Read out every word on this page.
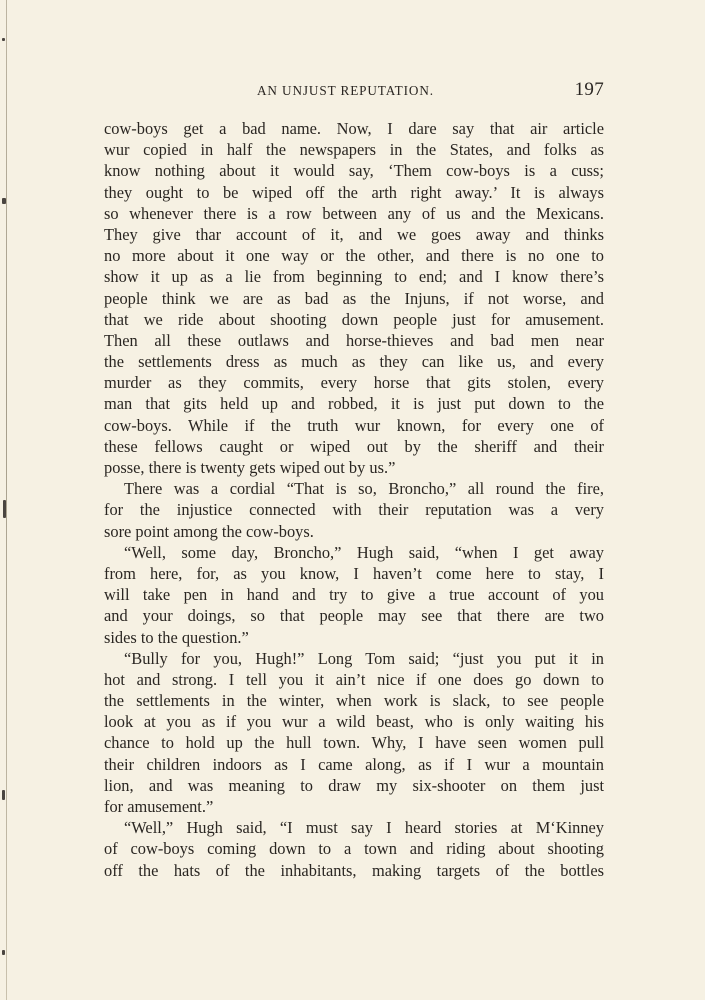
AN UNJUST REPUTATION.	197
cow-boys get a bad name. Now, I dare say that air article
wur copied in half the newspapers in the States, and folks as
know nothing about it would say, ‘Them cow-boys is a cuss;
they ought to be wiped off the arth right away.’ It is always
so whenever there is a row between any of us and the Mexicans.
They give thar account of it, and we goes away and thinks
no more about it one way or the other, and there is no one to
show it up as a lie from beginning to end; and I know there’s
people think we are as bad as the Injuns, if not worse, and
that we ride about shooting down people just for amusement.
Then all these outlaws and horse-thieves and bad men near
the settlements dress as much as they can like us, and every
murder as they commits, every horse that gits stolen, every
man that gits held up and robbed, it is just put down to the
cow-boys. While if the truth wur known, for every one of
these fellows caught or wiped out by the sheriff and their
posse, there is twenty gets wiped out by us.”
There was a cordial “That is so, Broncho,” all round the fire,
for the injustice connected with their reputation was a very
sore point among the cow-boys.
“Well, some day, Broncho,” Hugh said, “when I get away
from here, for, as you know, I haven’t come here to stay, I
will take pen in hand and try to give a true account of you
and your doings, so that people may see that there are two
sides to the question.”
“Bully for you, Hugh!” Long Tom said; “just you put it in
hot and strong. I tell you it ain’t nice if one does go down to
the settlements in the winter, when work is slack, to see people
look at you as if you wur a wild beast, who is only waiting his
chance to hold up the hull town. Why, I have seen women pull
their children indoors as I came along, as if I wur a mountain
lion, and was meaning to draw my six-shooter on them just
for amusement.”
“Well,” Hugh said, “I must say I heard stories at M‘Kinney
of cow-boys coming down to a town and riding about shooting
off the hats of the inhabitants, making targets of the bottles
